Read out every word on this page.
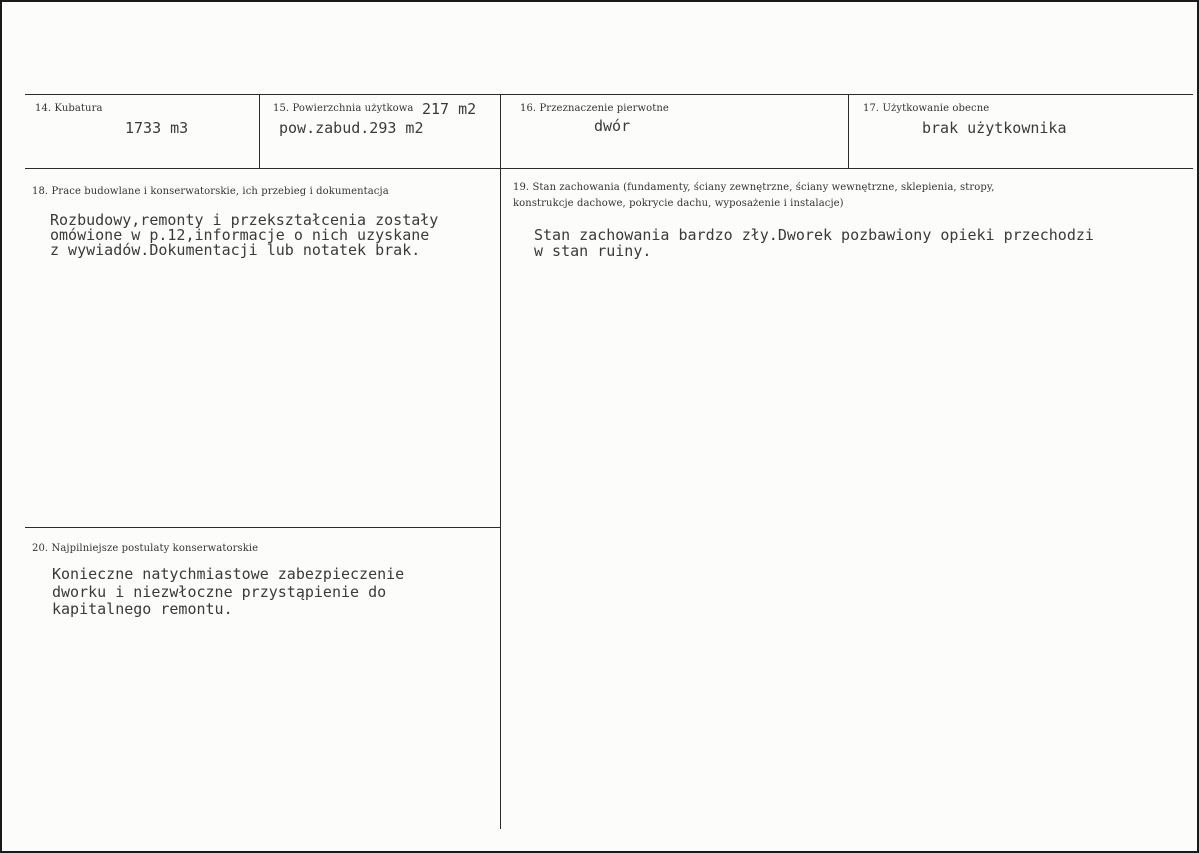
14. Kubatura
1733 m3
15. Powierzchnia użytkowa 217 m2
pow.zabud.293 m2
16. Przeznaczenie pierwotne
dwór
17. Użytkowanie obecne
brak użytkownika
18. Prace budowlane i konserwatorskie, ich przebieg i dokumentacja
Rozbudowy,remonty i przekształcenia zostały
omówione w p.12,informacje o nich uzyskane
z wywiadów.Dokumentacji lub notatek brak.
19. Stan zachowania (fundamenty, ściany zewnętrzne, ściany wewnętrzne, sklepienia, stropy,
konstrukcje dachowe, pokrycie dachu, wyposażenie i instalacje)
Stan zachowania bardzo zły.Dworek pozbawiony opieki przechodzi
w stan ruiny.
20. Najpilniejsze postulaty konserwatorskie
Konieczne natychmiastowe zabezpieczenie
dworku i niezwłoczne przystąpienie do
kapitalnego remontu.
